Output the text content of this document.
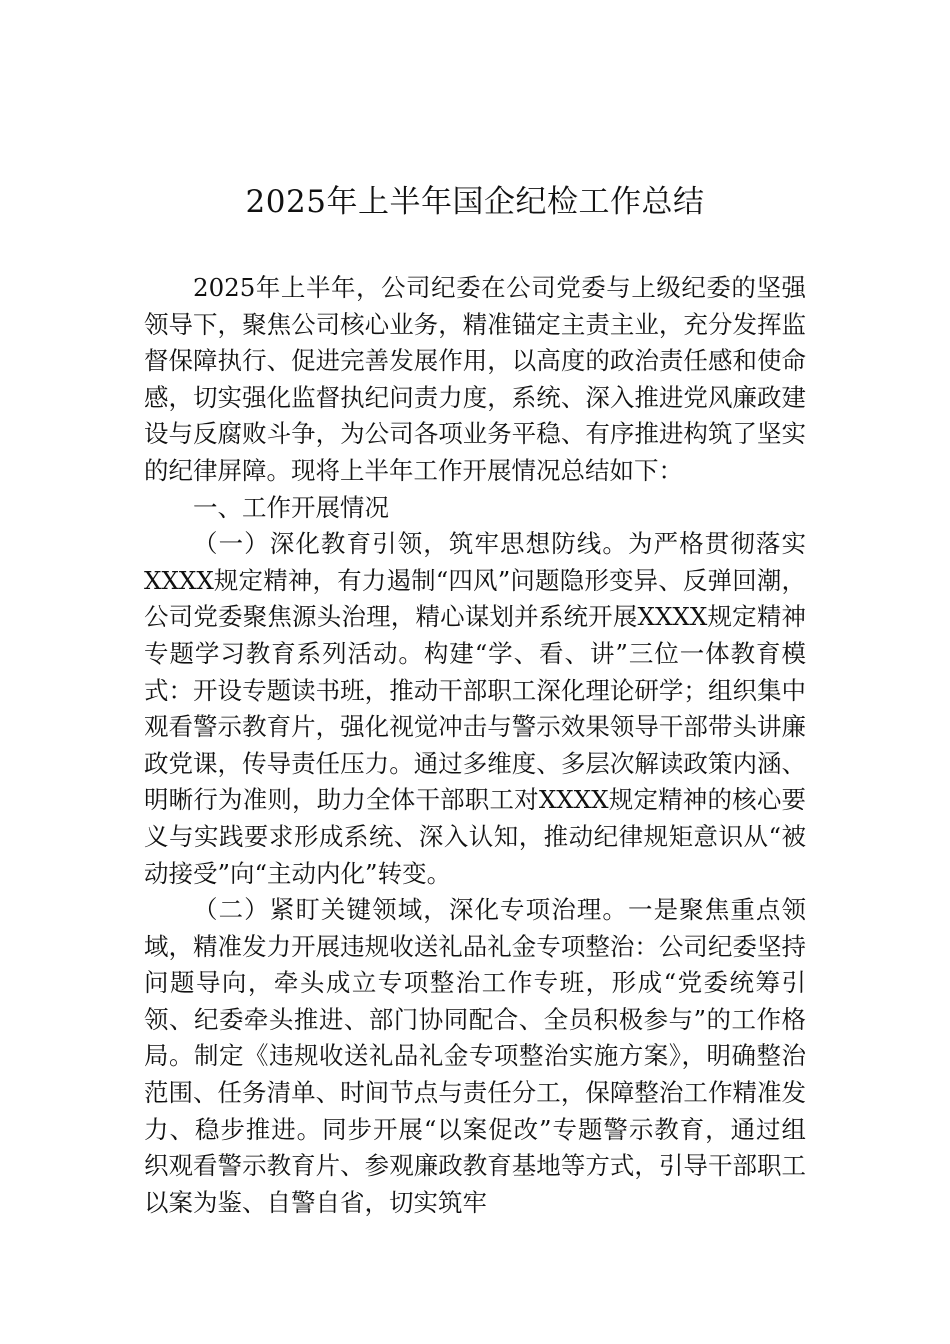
2025年上半年国企纪检工作总结

2025年上半年，公司纪委在公司党委与上级纪委的坚强领导下，聚焦公司核心业务，精准锚定主责主业，充分发挥监督保障执行、促进完善发展作用，以高度的政治责任感和使命感，切实强化监督执纪问责力度，系统、深入推进党风廉政建设与反腐败斗争，为公司各项业务平稳、有序推进构筑了坚实的纪律屏障。现将上半年工作开展情况总结如下：

一、工作开展情况

（一）深化教育引领，筑牢思想防线。为严格贯彻落实XXXX规定精神，有力遏制“四风”问题隐形变异、反弹回潮，公司党委聚焦源头治理，精心谋划并系统开展XXXX规定精神专题学习教育系列活动。构建“学、看、讲”三位一体教育模式：开设专题读书班，推动干部职工深化理论研学；组织集中观看警示教育片，强化视觉冲击与警示效果领导干部带头讲廉政党课，传导责任压力。通过多维度、多层次解读政策内涵、明晰行为准则，助力全体干部职工对XXXX规定精神的核心要义与实践要求形成系统、深入认知，推动纪律规矩意识从“被动接受”向“主动内化”转变。

（二）紧盯关键领域，深化专项治理。一是聚焦重点领域，精准发力开展违规收送礼品礼金专项整治：公司纪委坚持问题导向，牵头成立专项整治工作专班，形成“党委统筹引领、纪委牵头推进、部门协同配合、全员积极参与”的工作格局。制定《违规收送礼品礼金专项整治实施方案》，明确整治范围、任务清单、时间节点与责任分工，保障整治工作精准发力、稳步推进。同步开展“以案促改”专题警示教育，通过组织观看警示教育片、参观廉政教育基地等方式，引导干部职工以案为鉴、自警自省，切实筑牢
